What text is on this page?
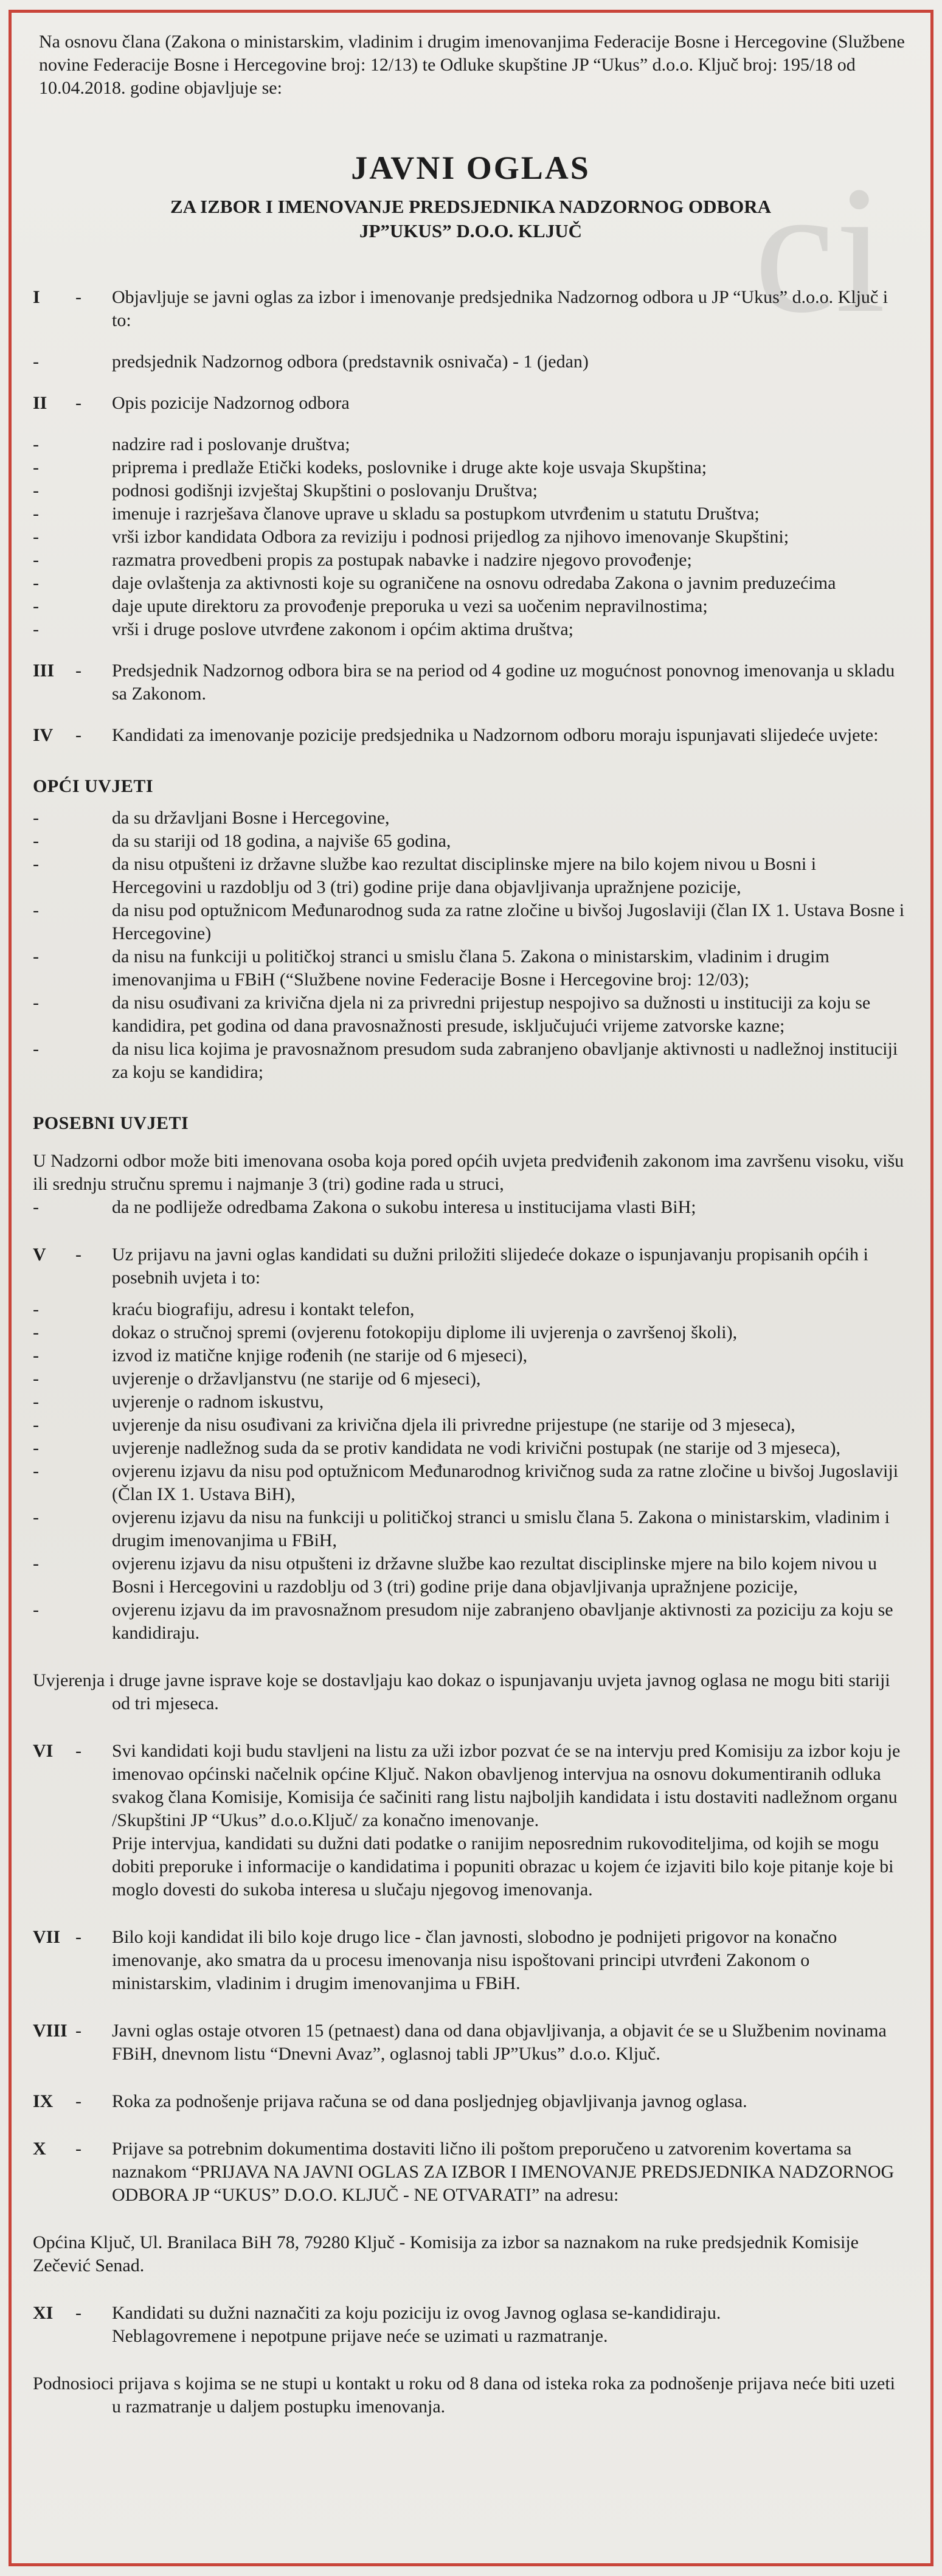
ci
Na osnovu člana (Zakona o ministarskim, vladinim i drugim imenovanjima Federacije Bosne i Hercegovine (Službene novine Federacije Bosne i Hercegovine broj: 12/13) te Odluke skupštine JP “Ukus” d.o.o. Ključ broj: 195/18 od 10.04.2018. godine objavljuje se:
JAVNI OGLAS
ZA IZBOR I IMENOVANJE PREDSJEDNIKA NADZORNOG ODBORA
JP”UKUS” D.O.O. KLJUČ
I	-	Objavljuje se javni oglas za izbor i imenovanje predsjednika Nadzornog odbora u JP “Ukus” d.o.o. Ključ i to:
-	predsjednik Nadzornog odbora (predstavnik osnivača) - 1 (jedan)
II	-	Opis pozicije Nadzornog odbora
-	nadzire rad i poslovanje društva;
-	priprema i predlaže Etički kodeks, poslovnike i druge akte koje usvaja Skupština;
-	podnosi godišnji izvještaj Skupštini o poslovanju Društva;
-	imenuje i razrješava članove uprave u skladu sa postupkom utvrđenim u statutu Društva;
-	vrši izbor kandidata Odbora za reviziju i podnosi prijedlog za njihovo imenovanje Skupštini;
-	razmatra provedbeni propis za postupak nabavke i nadzire njegovo provođenje;
-	daje ovlaštenja za aktivnosti koje su ograničene na osnovu odredaba Zakona o javnim preduzećima
-	daje upute direktoru za provođenje preporuka u vezi sa uočenim nepravilnostima;
-	vrši i druge poslove utvrđene zakonom i općim aktima društva;
III	-	Predsjednik Nadzornog odbora bira se na period od 4 godine uz mogućnost ponovnog imenovanja u skladu sa Zakonom.
IV	-	Kandidati za imenovanje pozicije predsjednika u Nadzornom odboru moraju ispunjavati slijedeće uvjete:
OPĆI UVJETI
-	da su državljani Bosne i Hercegovine,
-	da su stariji od 18 godina, a najviše 65 godina,
-	da nisu otpušteni iz državne službe kao rezultat disciplinske mjere na bilo kojem nivou u Bosni i Hercegovini u razdoblju od 3 (tri) godine prije dana objavljivanja upražnjene pozicije,
-	da nisu pod optužnicom Međunarodnog suda za ratne zločine u bivšoj Jugoslaviji (član IX 1. Ustava Bosne i Hercegovine)
-	da nisu na funkciji u političkoj stranci u smislu člana 5. Zakona o ministarskim, vladinim i drugim imenovanjima u FBiH (“Službene novine Federacije Bosne i Hercegovine broj: 12/03);
-	da nisu osuđivani za krivična djela ni za privredni prijestup nespojivo sa dužnosti u instituciji za koju se kandidira, pet godina od dana pravosnažnosti presude, isključujući vrijeme zatvorske kazne;
-	da nisu lica kojima je pravosnažnom presudom suda zabranjeno obavljanje aktivnosti u nadležnoj instituciji za koju se kandidira;
POSEBNI UVJETI
U Nadzorni odbor može biti imenovana osoba koja pored općih uvjeta predviđenih zakonom ima završenu visoku, višu ili srednju stručnu spremu i najmanje 3 (tri) godine rada u struci,
-	da ne podliježe odredbama Zakona o sukobu interesa u institucijama vlasti BiH;
V	-	Uz prijavu na javni oglas kandidati su dužni priložiti slijedeće dokaze o ispunjavanju propisanih općih i posebnih uvjeta i to:
-	kraću biografiju, adresu i kontakt telefon,
-	dokaz o stručnoj spremi (ovjerenu fotokopiju diplome ili uvjerenja o završenoj školi),
-	izvod iz matične knjige rođenih (ne starije od 6 mjeseci),
-	uvjerenje o državljanstvu (ne starije od 6 mjeseci),
-	uvjerenje o radnom iskustvu,
-	uvjerenje da nisu osuđivani za krivična djela ili privredne prijestupe (ne starije od 3 mjeseca),
-	uvjerenje nadležnog suda da se protiv kandidata ne vodi krivični postupak (ne starije od 3 mjeseca),
-	ovjerenu izjavu da nisu pod optužnicom Međunarodnog krivičnog suda za ratne zločine u bivšoj Jugoslaviji (Član IX 1. Ustava BiH),
-	ovjerenu izjavu da nisu na funkciji u političkoj stranci u smislu člana 5. Zakona o ministarskim, vladinim i drugim imenovanjima u FBiH,
-	ovjerenu izjavu da nisu otpušteni iz državne službe kao rezultat disciplinske mjere na bilo kojem nivou u Bosni i Hercegovini u razdoblju od 3 (tri) godine prije dana objavljivanja upražnjene pozicije,
-	ovjerenu izjavu da im pravosnažnom presudom nije zabranjeno obavljanje aktivnosti za poziciju za koju se kandidiraju.
Uvjerenja i druge javne isprave koje se dostavljaju kao dokaz o ispunjavanju uvjeta javnog oglasa ne mogu biti stariji od tri mjeseca.
VI	-	Svi kandidati koji budu stavljeni na listu za uži izbor pozvat će se na intervju pred Komisiju za izbor koju je imenovao općinski načelnik općine Ključ. Nakon obavljenog intervjua na osnovu dokumentiranih odluka svakog člana Komisije, Komisija će sačiniti rang listu najboljih kandidata i istu dostaviti nadležnom organu /Skupštini JP “Ukus” d.o.o.Ključ/ za konačno imenovanje.
Prije intervjua, kandidati su dužni dati podatke o ranijim neposrednim rukovoditeljima, od kojih se mogu dobiti preporuke i informacije o kandidatima i popuniti obrazac u kojem će izjaviti bilo koje pitanje koje bi moglo dovesti do sukoba interesa u slučaju njegovog imenovanja.
VII -	Bilo koji kandidat ili bilo koje drugo lice - član javnosti, slobodno je podnijeti prigovor na konačno imenovanje, ako smatra da u procesu imenovanja nisu ispoštovani principi utvrđeni Zakonom o ministarskim, vladinim i drugim imenovanjima u FBiH.
VIII -	Javni oglas ostaje otvoren 15 (petnaest) dana od dana objavljivanja, a objavit će se u Službenim novinama FBiH, dnevnom listu “Dnevni Avaz”, oglasnoj tabli JP”Ukus” d.o.o. Ključ.
IX	-	Roka za podnošenje prijava računa se od dana posljednjeg objavljivanja javnog oglasa.
X	-	Prijave sa potrebnim dokumentima dostaviti lično ili poštom preporučeno u zatvorenim kovertama sa naznakom “PRIJAVA NA JAVNI OGLAS ZA IZBOR I IMENOVANJE PREDSJEDNIKA NADZORNOG ODBORA JP “UKUS” D.O.O. KLJUČ - NE OTVARATI” na adresu:
Općina Ključ, Ul. Branilaca BiH 78, 79280 Ključ - Komisija za izbor sa naznakom na ruke predsjednik Komisije Zečević Senad.
XI	-	Kandidati su dužni naznačiti za koju poziciju iz ovog Javnog oglasa se-kandidiraju.
Neblagovremene i nepotpune prijave neće se uzimati u razmatranje.
Podnosioci prijava s kojima se ne stupi u kontakt u roku od 8 dana od isteka roka za podnošenje prijava neće biti uzeti u razmatranje u daljem postupku imenovanja.
